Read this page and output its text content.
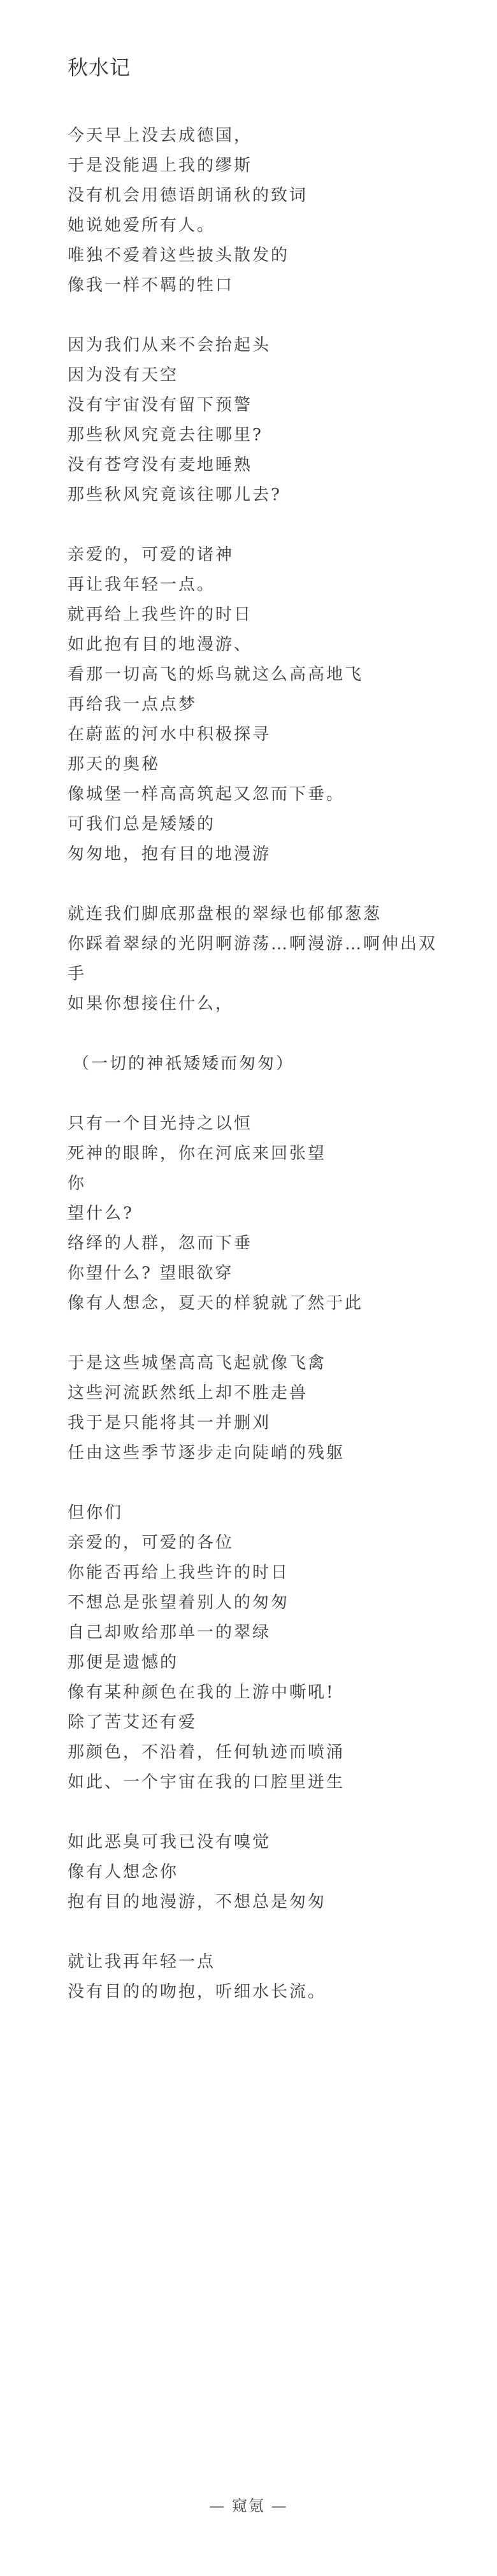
秋水记
今天早上没去成德国，
于是没能遇上我的缪斯
没有机会用德语朗诵秋的致词
她说她爱所有人。
唯独不爱着这些披头散发的
像我一样不羁的牲口
因为我们从来不会抬起头
因为没有天空
没有宇宙没有留下预警
那些秋风究竟去往哪里?
没有苍穹没有麦地睡熟
那些秋风究竟该往哪儿去?
亲爱的，可爱的诸神
再让我年轻一点。
就再给上我些许的时日
如此抱有目的地漫游、
看那一切高飞的烁鸟就这么高高地飞
再给我一点点梦
在蔚蓝的河水中积极探寻
那天的奥秘
像城堡一样高高筑起又忽而下垂。
可我们总是矮矮的
匆匆地，抱有目的地漫游
就连我们脚底那盘根的翠绿也郁郁葱葱
你踩着翠绿的光阴啊游荡…啊漫游…啊伸出双手
如果你想接住什么，
（一切的神祇矮矮而匆匆）
只有一个目光持之以恒
死神的眼眸，你在河底来回张望
你
望什么?
络绎的人群，忽而下垂
你望什么? 望眼欲穿
像有人想念，夏天的样貌就了然于此
于是这些城堡高高飞起就像飞禽
这些河流跃然纸上却不胜走兽
我于是只能将其一并删刈
任由这些季节逐步走向陡峭的残躯
但你们
亲爱的，可爱的各位
你能否再给上我些许的时日
不想总是张望着别人的匆匆
自己却败给那单一的翠绿
那便是遗憾的
像有某种颜色在我的上游中嘶吼!
除了苦艾还有爱
那颜色，不沿着，任何轨迹而喷涌
如此、一个宇宙在我的口腔里迸生
如此恶臭可我已没有嗅觉
像有人想念你
抱有目的地漫游，不想总是匆匆
就让我再年轻一点
没有目的的吻抱，听细水长流。
— 窥氪 —
